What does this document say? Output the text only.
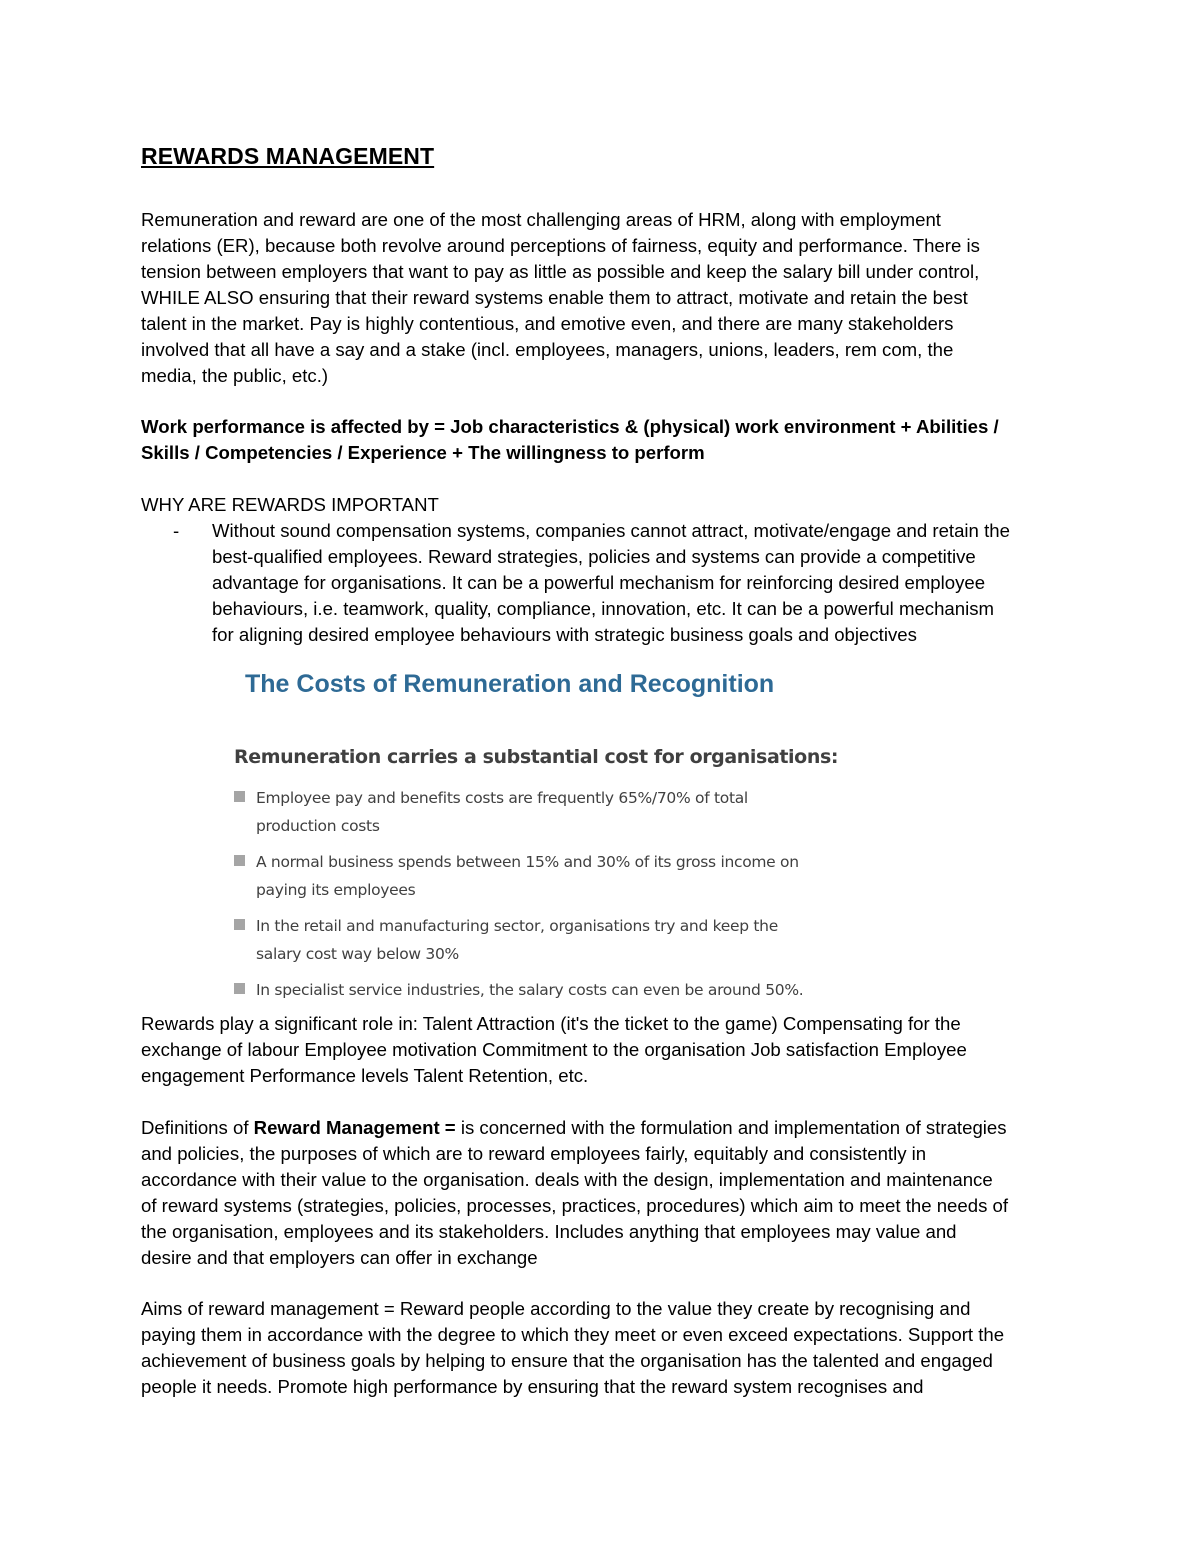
REWARDS MANAGEMENT
Remuneration and reward are one of the most challenging areas of HRM, along with employment
relations (ER), because both revolve around perceptions of fairness, equity and performance. There is
tension between employers that want to pay as little as possible and keep the salary bill under control,
WHILE ALSO ensuring that their reward systems enable them to attract, motivate and retain the best
talent in the market. Pay is highly contentious, and emotive even, and there are many stakeholders
involved that all have a say and a stake (incl. employees, managers, unions, leaders, rem com, the
media, the public, etc.)
Work performance is affected by = Job characteristics & (physical) work environment + Abilities /
Skills / Competencies / Experience + The willingness to perform
WHY ARE REWARDS IMPORTANT
- Without sound compensation systems, companies cannot attract, motivate/engage and retain the
best-qualified employees. Reward strategies, policies and systems can provide a competitive
advantage for organisations. It can be a powerful mechanism for reinforcing desired employee
behaviours, i.e. teamwork, quality, compliance, innovation, etc. It can be a powerful mechanism
for aligning desired employee behaviours with strategic business goals and objectives
Rewards play a significant role in: Talent Attraction (it's the ticket to the game) Compensating for the
exchange of labour Employee motivation Commitment to the organisation Job satisfaction Employee
engagement Performance levels Talent Retention, etc.
Definitions of Reward Management = is concerned with the formulation and implementation of strategies
and policies, the purposes of which are to reward employees fairly, equitably and consistently in
accordance with their value to the organisation. deals with the design, implementation and maintenance
of reward systems (strategies, policies, processes, practices, procedures) which aim to meet the needs of
the organisation, employees and its stakeholders. Includes anything that employees may value and
desire and that employers can offer in exchange
Aims of reward management = Reward people according to the value they create by recognising and
paying them in accordance with the degree to which they meet or even exceed expectations. Support the
achievement of business goals by helping to ensure that the organisation has the talented and engaged
people it needs. Promote high performance by ensuring that the reward system recognises and
The Costs of Remuneration and Recognition
Remuneration carries a substantial cost for organisations:
Employee pay and benefits costs are frequently 65%/70% of total
production costs
A normal business spends between 15% and 30% of its gross income on
paying its employees
In the retail and manufacturing sector, organisations try and keep the
salary cost way below 30%
In specialist service industries, the salary costs can even be around 50%.
